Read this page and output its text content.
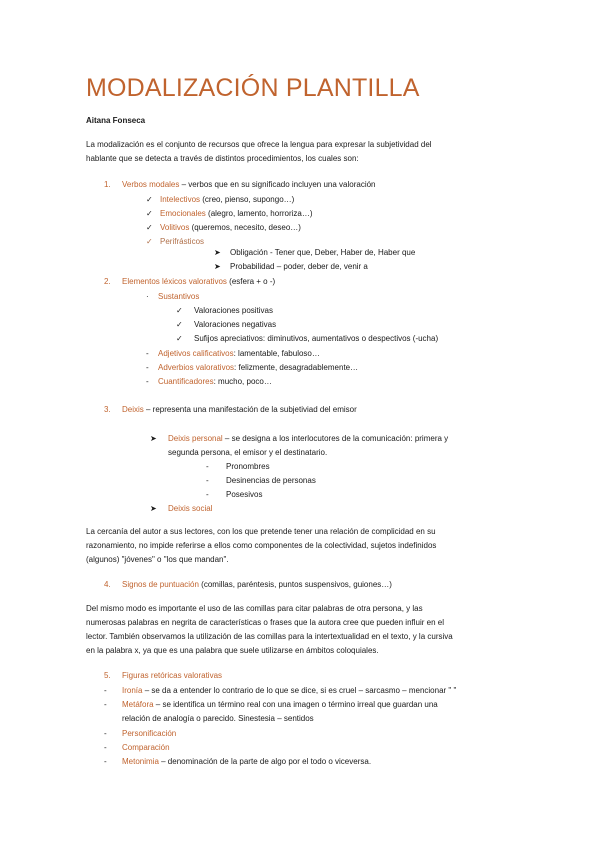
MODALIZACIÓN PLANTILLA
Aitana Fonseca
La modalización es el conjunto de recursos que ofrece la lengua para expresar la subjetividad del
hablante que se detecta a través de distintos procedimientos, los cuales son:
1. Verbos modales – verbos que en su significado incluyen una valoración
✓ Intelectivos (creo, pienso, supongo…)
✓ Emocionales (alegro, lamento, horroriza…)
✓ Volitivos (queremos, necesito, deseo…)
✓ Perifrásticos
➤ Obligación - Tener que, Deber, Haber de, Haber que
➤ Probabilidad – poder, deber de, venir a
2. Elementos léxicos valorativos (esfera + o -)
· Sustantivos
✓ Valoraciones positivas
✓ Valoraciones negativas
✓ Sufijos apreciativos: diminutivos, aumentativos o despectivos (-ucha)
- Adjetivos calificativos: lamentable, fabuloso…
- Adverbios valorativos: felizmente, desagradablemente…
- Cuantificadores: mucho, poco…
3. Deixis – representa una manifestación de la subjetiviad del emisor
➤ Deixis personal – se designa a los interlocutores de la comunicación: primera y
segunda persona, el emisor y el destinatario.
- Pronombres
- Desinencias de personas
- Posesivos
➤ Deixis social
La cercanía del autor a sus lectores, con los que pretende tener una relación de complicidad en su
razonamiento, no impide referirse a ellos como componentes de la colectividad, sujetos indefinidos
(algunos) "jóvenes" o "los que mandan".
4. Signos de puntuación (comillas, paréntesis, puntos suspensivos, guiones…)
Del mismo modo es importante el uso de las comillas para citar palabras de otra persona, y las
numerosas palabras en negrita de características o frases que la autora cree que pueden influir en el
lector. También observamos la utilización de las comillas para la intertextualidad en el texto, y la cursiva
en la palabra x, ya que es una palabra que suele utilizarse en ámbitos coloquiales.
5. Figuras retóricas valorativas
- Ironía – se da a entender lo contrario de lo que se dice, si es cruel – sarcasmo – mencionar " "
- Metáfora – se identifica un término real con una imagen o término irreal que guardan una
relación de analogía o parecido. Sinestesia – sentidos
- Personificación
- Comparación
- Metonimia – denominación de la parte de algo por el todo o viceversa.
